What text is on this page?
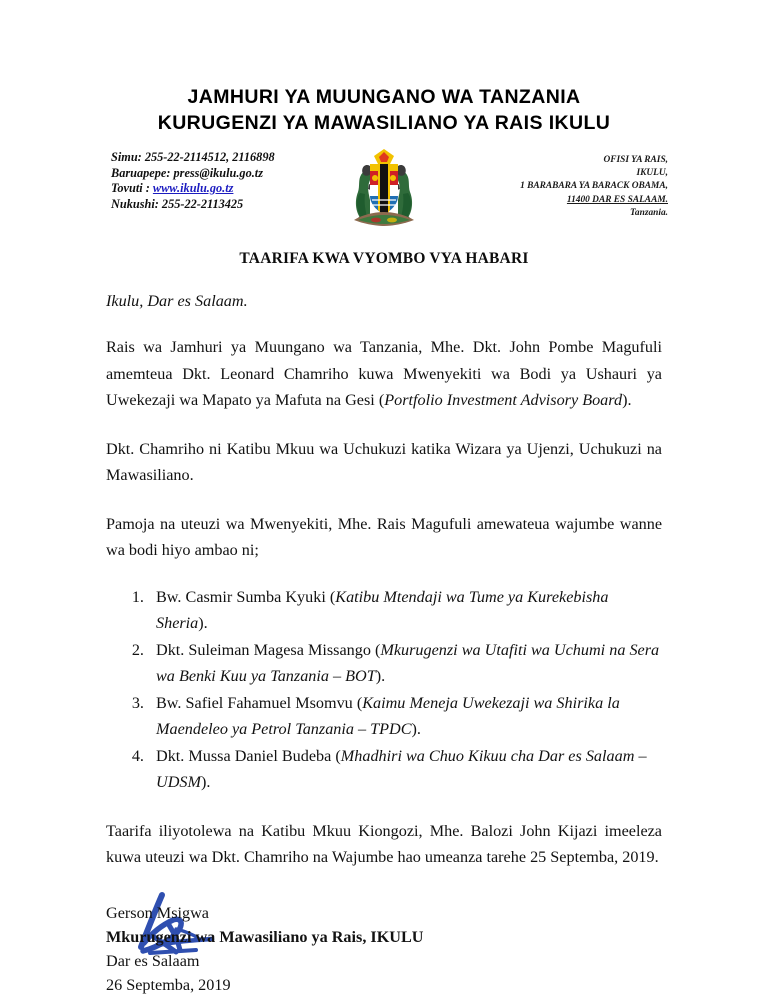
JAMHURI YA MUUNGANO WA TANZANIA
KURUGENZI YA MAWASILIANO YA RAIS IKULU
Simu: 255-22-2114512, 2116898
Baruapepe: press@ikulu.go.tz
Tovuti : www.ikulu.go.tz
Nukushi: 255-22-2113425
OFISI YA RAIS,
IKULU,
1 BARABARA YA BARACK OBAMA,
11400 DAR ES SALAAM.
Tanzania.
TAARIFA KWA VYOMBO VYA HABARI
Ikulu, Dar es Salaam.

Rais wa Jamhuri ya Muungano wa Tanzania, Mhe. Dkt. John Pombe Magufuli amemteua Dkt. Leonard Chamriho kuwa Mwenyekiti wa Bodi ya Ushauri ya Uwekezaji wa Mapato ya Mafuta na Gesi (Portfolio Investment Advisory Board).

Dkt. Chamriho ni Katibu Mkuu wa Uchukuzi katika Wizara ya Ujenzi, Uchukuzi na Mawasiliano.

Pamoja na uteuzi wa Mwenyekiti, Mhe. Rais Magufuli amewateua wajumbe wanne wa bodi hiyo ambao ni;

1. Bw. Casmir Sumba Kyuki (Katibu Mtendaji wa Tume ya Kurekebisha Sheria).
2. Dkt. Suleiman Magesa Missango (Mkurugenzi wa Utafiti wa Uchumi na Sera wa Benki Kuu ya Tanzania – BOT).
3. Bw. Safiel Fahamuel Msomvu (Kaimu Meneja Uwekezaji wa Shirika la Maendeleo ya Petrol Tanzania – TPDC).
4. Dkt. Mussa Daniel Budeba (Mhadhiri wa Chuo Kikuu cha Dar es Salaam – UDSM).

Taarifa iliyotolewa na Katibu Mkuu Kiongozi, Mhe. Balozi John Kijazi imeeleza kuwa uteuzi wa Dkt. Chamriho na Wajumbe hao umeanza tarehe 25 Septemba, 2019.

Gerson Msigwa
Mkurugenzi wa Mawasiliano ya Rais, IKULU
Dar es Salaam
26 Septemba, 2019
